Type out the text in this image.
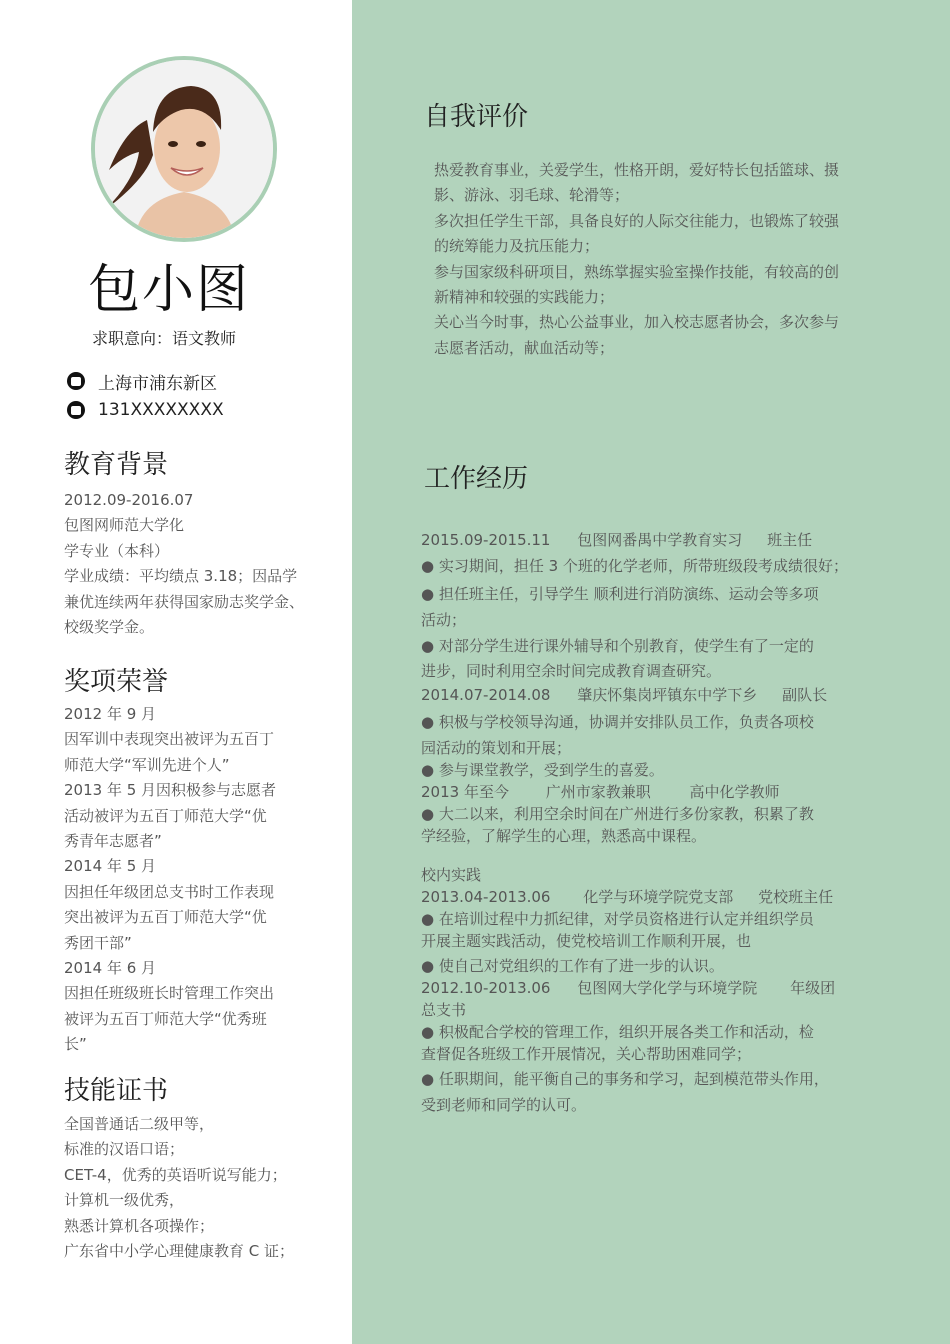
包小图
求职意向：语文教师
上海市浦东新区
131XXXXXXXX
教育背景
2012.09-2016.07
包图网师范大学化
学专业（本科）
学业成绩：平均绩点 3.18；因品学
兼优连续两年获得国家励志奖学金、
校级奖学金。
奖项荣誉
2012 年 9 月
因军训中表现突出被评为五百丁
师范大学“军训先进个人”
2013 年 5 月因积极参与志愿者
活动被评为五百丁师范大学“优
秀青年志愿者”
2014 年 5 月
因担任年级团总支书时工作表现
突出被评为五百丁师范大学“优
秀团干部”
2014 年 6 月
因担任班级班长时管理工作突出
被评为五百丁师范大学“优秀班
长”
技能证书
全国普通话二级甲等，
标准的汉语口语；
CET-4，优秀的英语听说写能力；
计算机一级优秀，
熟悉计算机各项操作；
广东省中小学心理健康教育 C 证；
自我评价
热爱教育事业，关爱学生，性格开朗，爱好特长包括篮球、摄
影、游泳、羽毛球、轮滑等；
多次担任学生干部，具备良好的人际交往能力，也锻炼了较强
的统筹能力及抗压能力；
参与国家级科研项目，熟练掌握实验室操作技能，有较高的创
新精神和较强的实践能力；
关心当今时事，热心公益事业，加入校志愿者协会，多次参与
志愿者活动，献血活动等；
工作经历
2015.09-2015.11 包图网番禺中学教育实习 班主任
● 实习期间，担任 3 个班的化学老师，所带班级段考成绩很好；
● 担任班主任，引导学生 顺利进行消防演练、运动会等多项
活动；
● 对部分学生进行课外辅导和个别教育，使学生有了一定的
进步，同时利用空余时间完成教育调查研究。
2014.07-2014.08 肇庆怀集岗坪镇东中学下乡 副队长
● 积极与学校领导沟通，协调并安排队员工作，负责各项校
园活动的策划和开展；
● 参与课堂教学，受到学生的喜爱。
2013 年至今 广州市家教兼职	高中化学教师
● 大二以来，利用空余时间在广州进行多份家教，积累了教
学经验，了解学生的心理，熟悉高中课程。
校内实践
2013.04-2013.06 化学与环境学院党支部 党校班主任
● 在培训过程中力抓纪律，对学员资格进行认定并组织学员
开展主题实践活动，使党校培训工作顺利开展，也
● 使自己对党组织的工作有了进一步的认识。
2012.10-2013.06 包图网大学化学与环境学院 年级团
总支书
● 积极配合学校的管理工作，组织开展各类工作和活动，检
查督促各班级工作开展情况，关心帮助困难同学；
● 任职期间，能平衡自己的事务和学习，起到模范带头作用，
受到老师和同学的认可。
